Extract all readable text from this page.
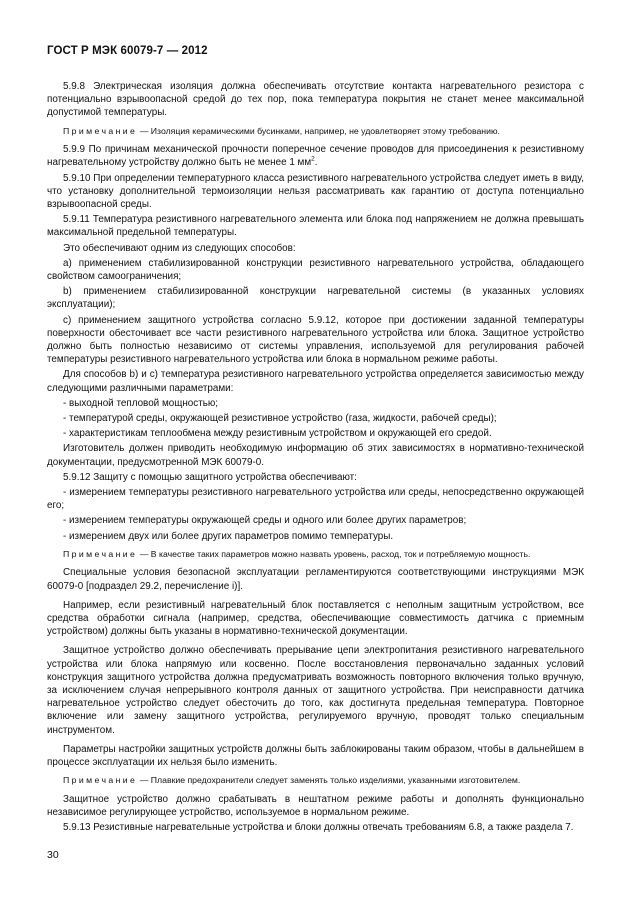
ГОСТ Р МЭК 60079-7 — 2012

5.9.8 Электрическая изоляция должна обеспечивать отсутствие контакта нагревательного резистора с потенциально взрывоопасной средой до тех пор, пока температура покрытия не станет менее максимальной допустимой температуры.

Примечание — Изоляция керамическими бусинками, например, не удовлетворяет этому требованию.

5.9.9 По причинам механической прочности поперечное сечение проводов для присоединения к резистивному нагревательному устройству должно быть не менее 1 $мм^2$.

5.9.10 При определении температурного класса резистивного нагревательного устройства следует иметь в виду, что установку дополнительной термоизоляции нельзя рассматривать как гарантию от доступа потенциально взрывоопасной среды.

5.9.11 Температура резистивного нагревательного элемента или блока под напряжением не должна превышать максимальной предельной температуры.

Это обеспечивают одним из следующих способов:

a) применением стабилизированной конструкции резистивного нагревательного устройства, обладающего свойством самоограничения;

b) применением стабилизированной конструкции нагревательной системы (в указанных условиях эксплуатации);

c) применением защитного устройства согласно 5.9.12, которое при достижении заданной температуры поверхности обесточивает все части резистивного нагревательного устройства или блока. Защитное устройство должно быть полностью независимо от системы управления, используемой для регулирования рабочей температуры резистивного нагревательного устройства или блока в нормальном режиме работы.

Для способов b) и c) температура резистивного нагревательного устройства определяется зависимостью между следующими различными параметрами:

- выходной тепловой мощностью;

- температурой среды, окружающей резистивное устройство (газа, жидкости, рабочей среды);

- характеристикам теплообмена между резистивным устройством и окружающей его средой.

Изготовитель должен приводить необходимую информацию об этих зависимостях в нормативно-технической документации, предусмотренной МЭК 60079-0.

5.9.12 Защиту с помощью защитного устройства обеспечивают:

- измерением температуры резистивного нагревательного устройства или среды, непосредственно окружающей его;

- измерением температуры окружающей среды и одного или более других параметров;

- измерением двух или более других параметров помимо температуры.

Примечание — В качестве таких параметров можно назвать уровень, расход, ток и потребляемую мощность.

Специальные условия безопасной эксплуатации регламентируются соответствующими инструкциями МЭК 60079-0 [подраздел 29.2, перечисление i)].

Например, если резистивный нагревательный блок поставляется с неполным защитным устройством, все средства обработки сигнала (например, средства, обеспечивающие совместимость датчика с приемным устройством) должны быть указаны в нормативно-технической документации.

Защитное устройство должно обеспечивать прерывание цепи электропитания резистивного нагревательного устройства или блока напрямую или косвенно. После восстановления первоначально заданных условий конструкция защитного устройства должна предусматривать возможность повторного включения только вручную, за исключением случая непрерывного контроля данных от защитного устройства. При неисправности датчика нагревательное устройство следует обесточить до того, как достигнута предельная температура. Повторное включение или замену защитного устройства, регулируемого вручную, проводят только специальным инструментом.

Параметры настройки защитных устройств должны быть заблокированы таким образом, чтобы в дальнейшем в процессе эксплуатации их нельзя было изменить.

Примечание — Плавкие предохранители следует заменять только изделиями, указанными изготовителем.

Защитное устройство должно срабатывать в нештатном режиме работы и дополнять функционально независимое регулирующее устройство, используемое в нормальном режиме.

5.9.13 Резистивные нагревательные устройства и блоки должны отвечать требованиям 6.8, а также раздела 7.

30
